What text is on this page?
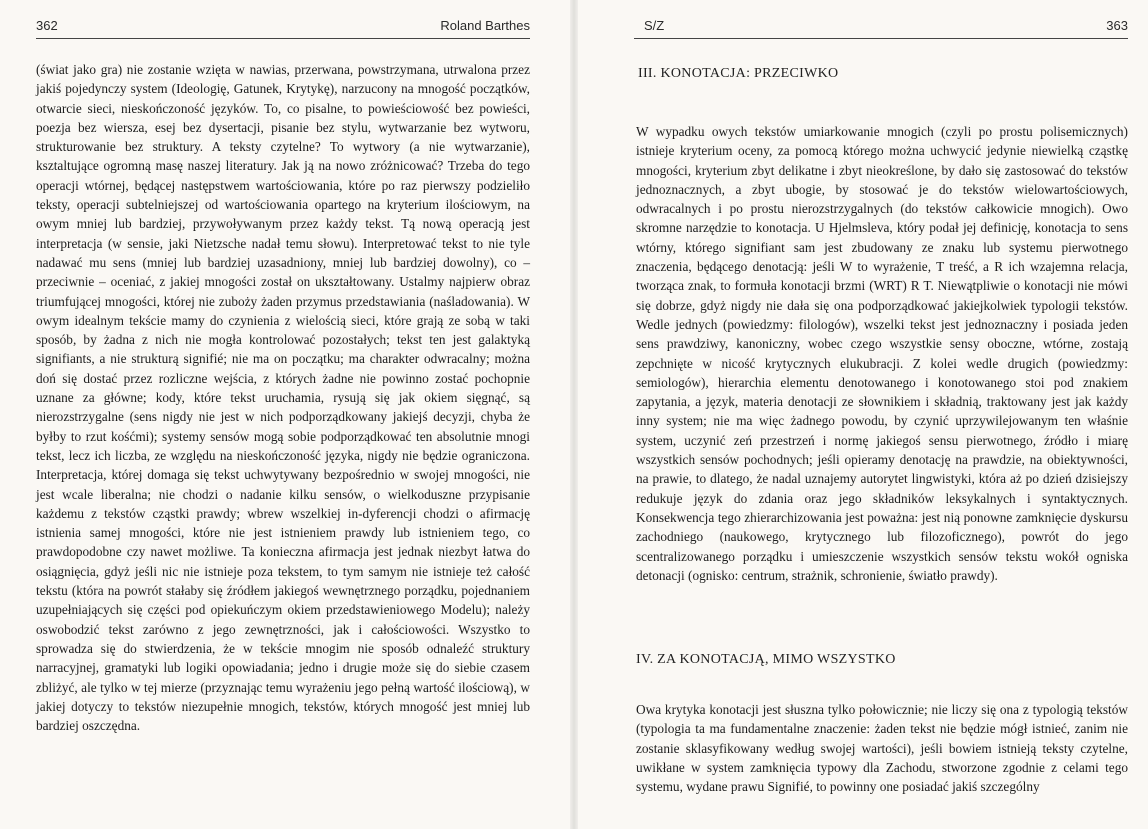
362	Roland Barthes

(świat jako gra) nie zostanie wzięta w nawias, przerwana, powstrzymana, utrwalona przez jakiś pojedynczy system (Ideologię, Gatunek, Krytykę), narzucony na mnogość początków, otwarcie sieci, nieskończoność języków. To, co pisalne, to powieściowość bez powieści, poezja bez wiersza, esej bez dysertacji, pisanie bez stylu, wytwarzanie bez wytworu, strukturowanie bez struktury. A teksty czytelne? To wytwory (a nie wytwarzanie), ksztaltujące ogromną masę naszej literatury. Jak ją na nowo zróżnicować? Trzeba do tego operacji wtórnej, będącej następstwem wartościowania, które po raz pierwszy podzieliło teksty, operacji subtelniejszej od wartościowania opartego na kryterium ilościowym, na owym mniej lub bardziej, przywoływanym przez każdy tekst. Tą nową operacją jest interpretacja (w sensie, jaki Nietzsche nadał temu słowu). Interpretować tekst to nie tyle nadawać mu sens (mniej lub bardziej uzasadniony, mniej lub bardziej dowolny), co – przeciwnie – oceniać, z jakiej mnogości został on ukształtowany. Ustalmy najpierw obraz triumfującej mnogości, której nie zuboży żaden przymus przedstawiania (naśladowania). W owym idealnym tekście mamy do czynienia z wielością sieci, które grają ze sobą w taki sposób, by żadna z nich nie mogła kontrolować pozostałych; tekst ten jest galaktyką signifiants, a nie strukturą signifié; nie ma on początku; ma charakter odwracalny; można doń się dostać przez rozliczne wejścia, z których żadne nie powinno zostać pochopnie uznane za główne; kody, które tekst uruchamia, rysują się jak okiem sięgnąć, są nierozstrzygalne (sens nigdy nie jest w nich podporządkowany jakiejś decyzji, chyba że byłby to rzut kośćmi); systemy sensów mogą sobie podporządkować ten absolutnie mnogi tekst, lecz ich liczba, ze względu na nieskończoność języka, nigdy nie będzie ograniczona. Interpretacja, której domaga się tekst uchwytywany bezpośrednio w swojej mnogości, nie jest wcale liberalna; nie chodzi o nadanie kilku sensów, o wielkoduszne przypisanie każdemu z tekstów cząstki prawdy; wbrew wszelkiej in-dyferencji chodzi o afirmację istnienia samej mnogości, które nie jest istnieniem prawdy lub istnieniem tego, co prawdopodobne czy nawet możliwe. Ta konieczna afirmacja jest jednak niezbyt łatwa do osiągnięcia, gdyż jeśli nic nie istnieje poza tekstem, to tym samym nie istnieje też całość tekstu (która na powrót stałaby się źródłem jakiegoś wewnętrznego porządku, pojednaniem uzupełniających się części pod opiekuńczym okiem przedstawieniowego Modelu); należy oswobodzić tekst zarówno z jego zewnętrzności, jak i całościowości. Wszystko to sprowadza się do stwierdzenia, że w tekście mnogim nie sposób odnaleźć struktury narracyjnej, gramatyki lub logiki opowiadania; jedno i drugie może się do siebie czasem zbliżyć, ale tylko w tej mierze (przyznając temu wyrażeniu jego pełną wartość ilościową), w jakiej dotyczy to tekstów niezupełnie mnogich, tekstów, których mnogość jest mniej lub bardziej oszczędna.

S/Z	363
III. KONOTACJA: PRZECIWKO

W wypadku owych tekstów umiarkowanie mnogich (czyli po prostu polisemicznych) istnieje kryterium oceny, za pomocą którego można uchwycić jedynie niewielką cząstkę mnogości, kryterium zbyt delikatne i zbyt nieokreślone, by dało się zastosować do tekstów jednoznacznych, a zbyt ubogie, by stosować je do tekstów wielowartościowych, odwracalnych i po prostu nierozstrzygalnych (do tekstów całkowicie mnogich). Owo skromne narzędzie to konotacja. U Hjelmsleva, który podał jej definicję, konotacja to sens wtórny, którego signifiant sam jest zbudowany ze znaku lub systemu pierwotnego znaczenia, będącego denotacją: jeśli W to wyrażenie, T treść, a R ich wzajemna relacja, tworząca znak, to formuła konotacji brzmi (WRT) R T. Niewątpliwie o konotacji nie mówi się dobrze, gdyż nigdy nie dała się ona podporządkować jakiejkolwiek typologii tekstów. Wedle jednych (powiedzmy: filologów), wszelki tekst jest jednoznaczny i posiada jeden sens prawdziwy, kanoniczny, wobec czego wszystkie sensy oboczne, wtórne, zostają zepchnięte w nicość krytycznych elukubracji. Z kolei wedle drugich (powiedzmy: semiologów), hierarchia elementu denotowanego i konotowanego stoi pod znakiem zapytania, a język, materia denotacji ze słownikiem i składnią, traktowany jest jak każdy inny system; nie ma więc żadnego powodu, by czynić uprzywilejowanym ten właśnie system, uczynić zeń przestrzeń i normę jakiegoś sensu pierwotnego, źródło i miarę wszystkich sensów pochodnych; jeśli opieramy denotację na prawdzie, na obiektywności, na prawie, to dlatego, że nadal uznajemy autorytet lingwistyki, która aż po dzień dzisiejszy redukuje język do zdania oraz jego składników leksykalnych i syntaktycznych. Konsekwencja tego zhierarchizowania jest poważna: jest nią ponowne zamknięcie dyskursu zachodniego (naukowego, krytycznego lub filozoficznego), powrót do jego scentralizowanego porządku i umieszczenie wszystkich sensów tekstu wokół ogniska detonacji (ognisko: centrum, strażnik, schronienie, światło prawdy).

IV. ZA KONOTACJĄ, MIMO WSZYSTKO

Owa krytyka konotacji jest słuszna tylko połowicznie; nie liczy się ona z typologią tekstów (typologia ta ma fundamentalne znaczenie: żaden tekst nie będzie mógł istnieć, zanim nie zostanie sklasyfikowany według swojej wartości), jeśli bowiem istnieją teksty czytelne, uwikłane w system zamknięcia typowy dla Zachodu, stworzone zgodnie z celami tego systemu, wydane prawu Signifié, to powinny one posiadać jakiś szczególny
